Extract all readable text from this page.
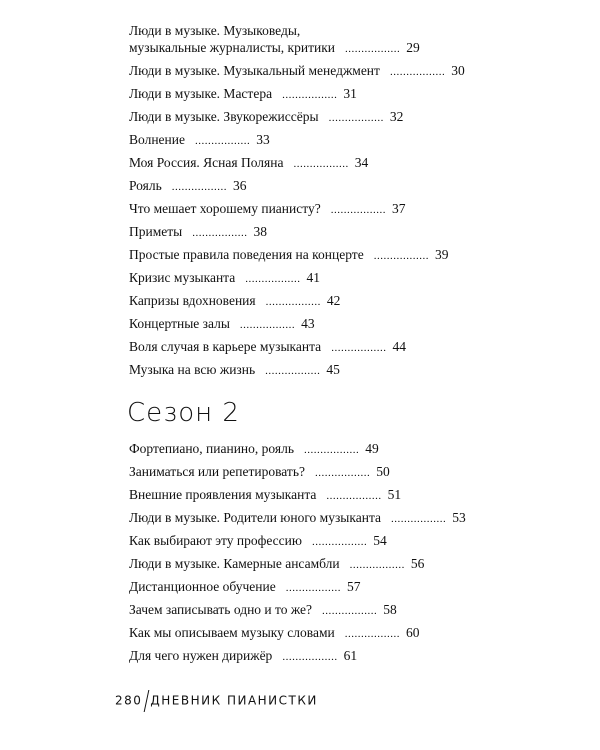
Люди в музыке. Музыковеды,
музыкальные журналисты, критики ................. 29
Люди в музыке. Музыкальный менеджмент ................. 30
Люди в музыке. Мастера ................. 31
Люди в музыке. Звукорежиссёры ................. 32
Волнение ................. 33
Моя Россия. Ясная Поляна ................. 34
Рояль ................. 36
Что мешает хорошему пианисту? ................. 37
Приметы ................. 38
Простые правила поведения на концерте ................. 39
Кризис музыканта ................. 41
Капризы вдохновения ................. 42
Концертные залы ................. 43
Воля случая в карьере музыканта ................. 44
Музыка на всю жизнь ................. 45
Фортепиано, пианино, рояль ................. 49
Заниматься или репетировать? ................. 50
Внешние проявления музыканта ................. 51
Люди в музыке. Родители юного музыканта ................. 53
Как выбирают эту профессию ................. 54
Люди в музыке. Камерные ансамбли ................. 56
Дистанционное обучение ................. 57
Зачем записывать одно и то же? ................. 58
Как мы описываем музыку словами ................. 60
Для чего нужен дирижёр ................. 61
Сезон 2
280 ДНЕВНИК ПИАНИСТКИ
